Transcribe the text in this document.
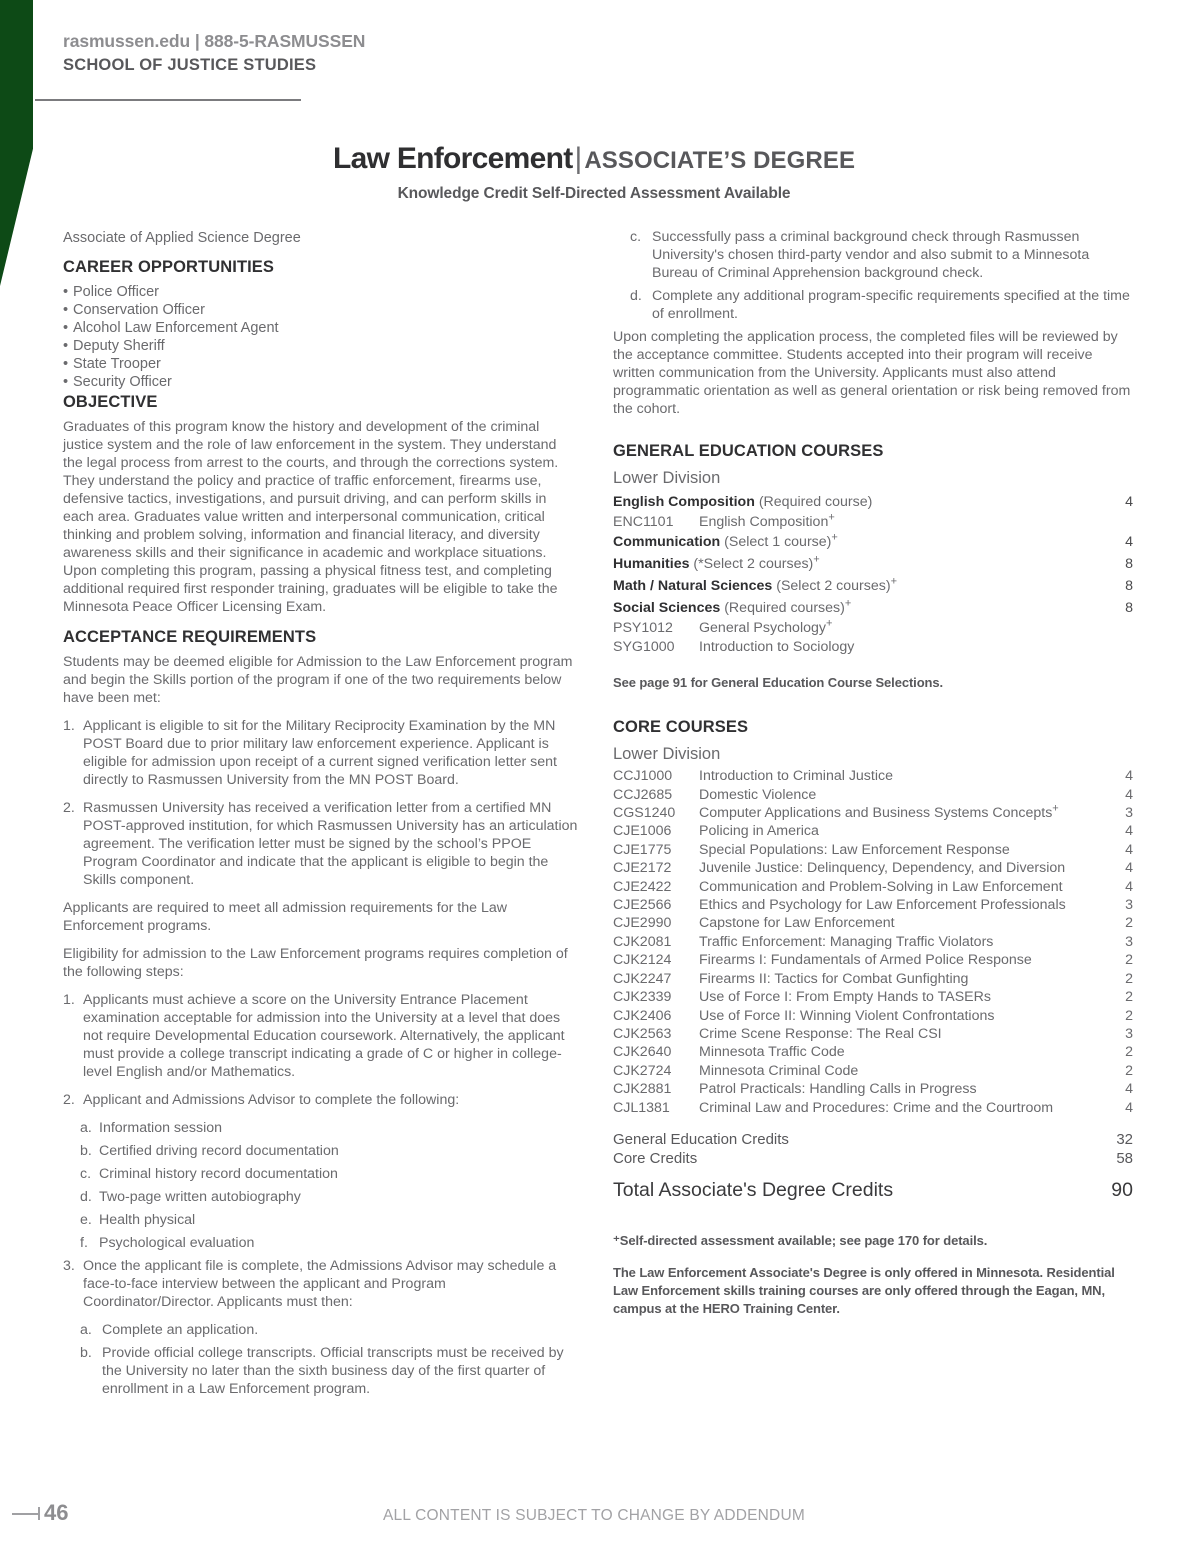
rasmussen.edu | 888-5-RASMUSSEN
SCHOOL OF JUSTICE STUDIES
Law Enforcement|ASSOCIATE’S DEGREE
Knowledge Credit Self-Directed Assessment Available
Associate of Applied Science Degree
CAREER OPPORTUNITIES
• Police Officer
• Conservation Officer
• Alcohol Law Enforcement Agent
• Deputy Sheriff
• State Trooper
• Security Officer
OBJECTIVE

Graduates of this program know the history and development of the criminal justice system and the role of law enforcement in the system. They understand the legal process from arrest to the courts, and through the corrections system. They understand the policy and practice of traffic enforcement, firearms use, defensive tactics, investigations, and pursuit driving, and can perform skills in each area. Graduates value written and interpersonal communication, critical thinking and problem solving, information and financial literacy, and diversity awareness skills and their significance in academic and workplace situations. Upon completing this program, passing a physical fitness test, and completing additional required first responder training, graduates will be eligible to take the Minnesota Peace Officer Licensing Exam.

ACCEPTANCE REQUIREMENTS

Students may be deemed eligible for Admission to the Law Enforcement program and begin the Skills portion of the program if one of the two requirements below have been met:

1. Applicant is eligible to sit for the Military Reciprocity Examination by the MN POST Board due to prior military law enforcement experience. Applicant is eligible for admission upon receipt of a current signed verification letter sent directly to Rasmussen University from the MN POST Board.
2. Rasmussen University has received a verification letter from a certified MN POST-approved institution, for which Rasmussen University has an articulation agreement. The verification letter must be signed by the school’s PPOE Program Coordinator and indicate that the applicant is eligible to begin the Skills component.

Applicants are required to meet all admission requirements for the Law Enforcement programs.

Eligibility for admission to the Law Enforcement programs requires completion of the following steps:

1. Applicants must achieve a score on the University Entrance Placement examination acceptable for admission into the University at a level that does not require Developmental Education coursework. Alternatively, the applicant must provide a college transcript indicating a grade of C or higher in college-level English and/or Mathematics.
2. Applicant and Admissions Advisor to complete the following:
a. Information session
b. Certified driving record documentation
c. Criminal history record documentation
d. Two-page written autobiography
e. Health physical
f. Psychological evaluation
3. Once the applicant file is complete, the Admissions Advisor may schedule a face-to-face interview between the applicant and Program Coordinator/Director. Applicants must then:
a. Complete an application.
b. Provide official college transcripts. Official transcripts must be received by the University no later than the sixth business day of the first quarter of enrollment in a Law Enforcement program.
c. Successfully pass a criminal background check through Rasmussen University's chosen third-party vendor and also submit to a Minnesota Bureau of Criminal Apprehension background check.
d. Complete any additional program-specific requirements specified at the time of enrollment.

Upon completing the application process, the completed files will be reviewed by the acceptance committee. Students accepted into their program will receive written communication from the University. Applicants must also attend programmatic orientation as well as general orientation or risk being removed from the cohort.

GENERAL EDUCATION COURSES
Lower Division
English Composition (Required course)	4
ENC1101	English Composition+
Communication (Select 1 course)+	4
Humanities (*Select 2 courses)+	8
Math / Natural Sciences (Select 2 courses)+	8
Social Sciences (Required courses)+	8
PSY1012	General Psychology+
SYG1000	Introduction to Sociology

See page 91 for General Education Course Selections.

CORE COURSES
Lower Division
CCJ1000	Introduction to Criminal Justice	4
CCJ2685	Domestic Violence	4
CGS1240	Computer Applications and Business Systems Concepts+	3
CJE1006	Policing in America	4
CJE1775	Special Populations: Law Enforcement Response	4
CJE2172	Juvenile Justice: Delinquency, Dependency, and Diversion	4
CJE2422	Communication and Problem-Solving in Law Enforcement	4
CJE2566	Ethics and Psychology for Law Enforcement Professionals	3
CJE2990	Capstone for Law Enforcement	2
CJK2081	Traffic Enforcement: Managing Traffic Violators	3
CJK2124	Firearms I: Fundamentals of Armed Police Response	2
CJK2247	Firearms II: Tactics for Combat Gunfighting	2
CJK2339	Use of Force I: From Empty Hands to TASERs	2
CJK2406	Use of Force II: Winning Violent Confrontations	2
CJK2563	Crime Scene Response: The Real CSI	3
CJK2640	Minnesota Traffic Code	2
CJK2724	Minnesota Criminal Code	2
CJK2881	Patrol Practicals: Handling Calls in Progress	4
CJL1381	Criminal Law and Procedures: Crime and the Courtroom	4
General Education Credits	32
Core Credits	58
Total Associate's Degree Credits	90

⁺Self-directed assessment available; see page 170 for details.

The Law Enforcement Associate's Degree is only offered in Minnesota. Residential Law Enforcement skills training courses are only offered through the Eagan, MN, campus at the HERO Training Center.

46	ALL CONTENT IS SUBJECT TO CHANGE BY ADDENDUM
